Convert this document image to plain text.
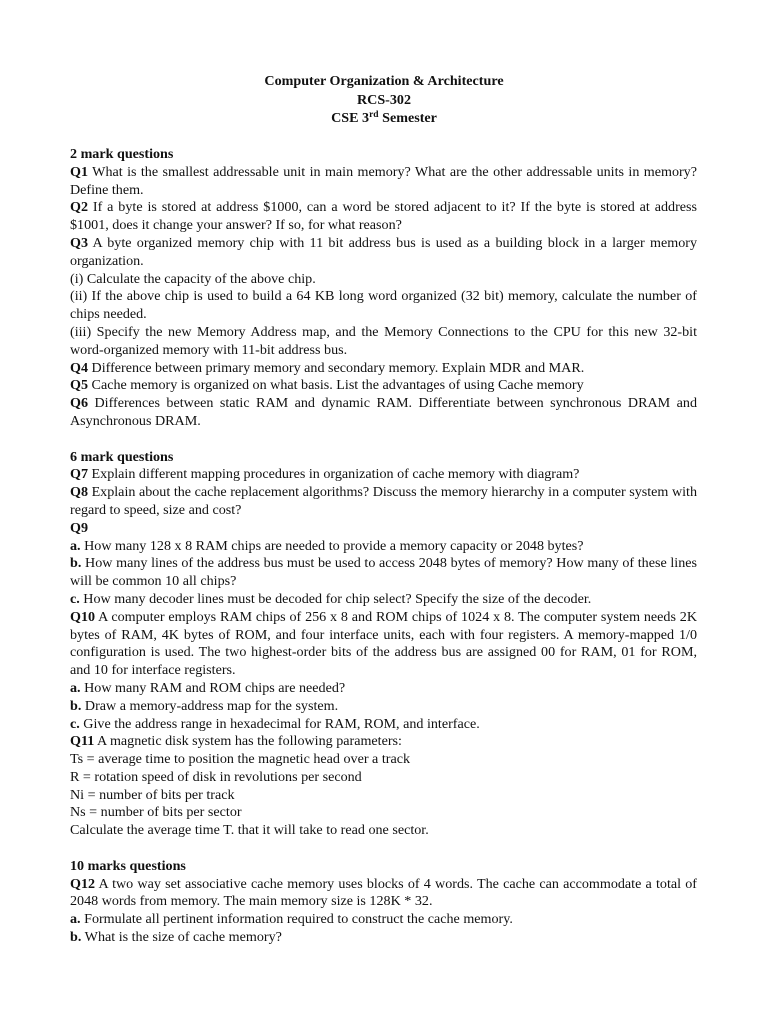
Computer Organization & Architecture
RCS-302
CSE 3rd Semester

2 mark questions

Q1 What is the smallest addressable unit in main memory? What are the other addressable units in memory? Define them.

Q2 If a byte is stored at address $1000, can a word be stored adjacent to it? If the byte is stored at address $1001, does it change your answer? If so, for what reason?

Q3 A byte organized memory chip with 11 bit address bus is used as a building block in a larger memory organization.

(i) Calculate the capacity of the above chip.

(ii) If the above chip is used to build a 64 KB long word organized (32 bit) memory, calculate the number of chips needed.

(iii) Specify the new Memory Address map, and the Memory Connections to the CPU for this new 32-bit word-organized memory with 11-bit address bus.

Q4 Difference between primary memory and secondary memory. Explain MDR and MAR.

Q5 Cache memory is organized on what basis. List the advantages of using Cache memory

Q6 Differences between static RAM and dynamic RAM. Differentiate between synchronous DRAM and Asynchronous DRAM.

6 mark questions

Q7 Explain different mapping procedures in organization of cache memory with diagram?

Q8 Explain about the cache replacement algorithms? Discuss the memory hierarchy in a computer system with regard to speed, size and cost?

Q9

a. How many 128 x 8 RAM chips are needed to provide a memory capacity or 2048 bytes?

b. How many lines of the address bus must be used to access 2048 bytes of memory? How many of these lines will be common 10 all chips?

c. How many decoder lines must be decoded for chip select? Specify the size of the decoder.

Q10 A computer employs RAM chips of 256 x 8 and ROM chips of 1024 x 8. The computer system needs 2K bytes of RAM, 4K bytes of ROM, and four interface units, each with four registers. A memory-mapped 1/0 configuration is used. The two highest-order bits of the address bus are assigned 00 for RAM, 01 for ROM, and 10 for interface registers.

a. How many RAM and ROM chips are needed?

b. Draw a memory-address map for the system.

c. Give the address range in hexadecimal for RAM, ROM, and interface.

Q11 A magnetic disk system has the following parameters:

Ts = average time to position the magnetic head over a track

R = rotation speed of disk in revolutions per second

Ni = number of bits per track

Ns = number of bits per sector

Calculate the average time T. that it will take to read one sector.

10 marks questions

Q12 A two way set associative cache memory uses blocks of 4 words. The cache can accommodate a total of 2048 words from memory. The main memory size is 128K * 32.

a. Formulate all pertinent information required to construct the cache memory.

b. What is the size of cache memory?
